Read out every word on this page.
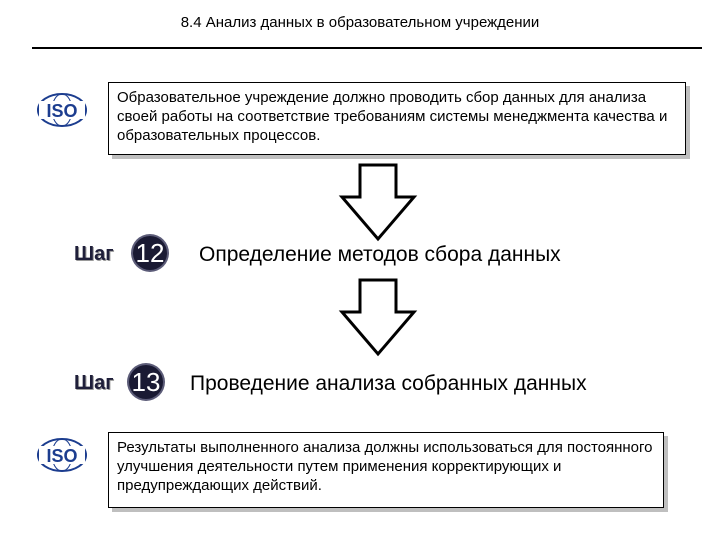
8.4 Анализ данных в образовательном учреждении
ISO
Образовательное учреждение должно проводить сбор данных для анализа своей работы на соответствие требованиям системы менеджмента качества и образовательных процессов.
Шаг 12 Определение методов сбора данных
Шаг 13 Проведение анализа собранных данных
ISO	Результаты выполненного анализа должны использоваться для постоянного улучшения деятельности путем применения корректирующих и предупреждающих действий.
